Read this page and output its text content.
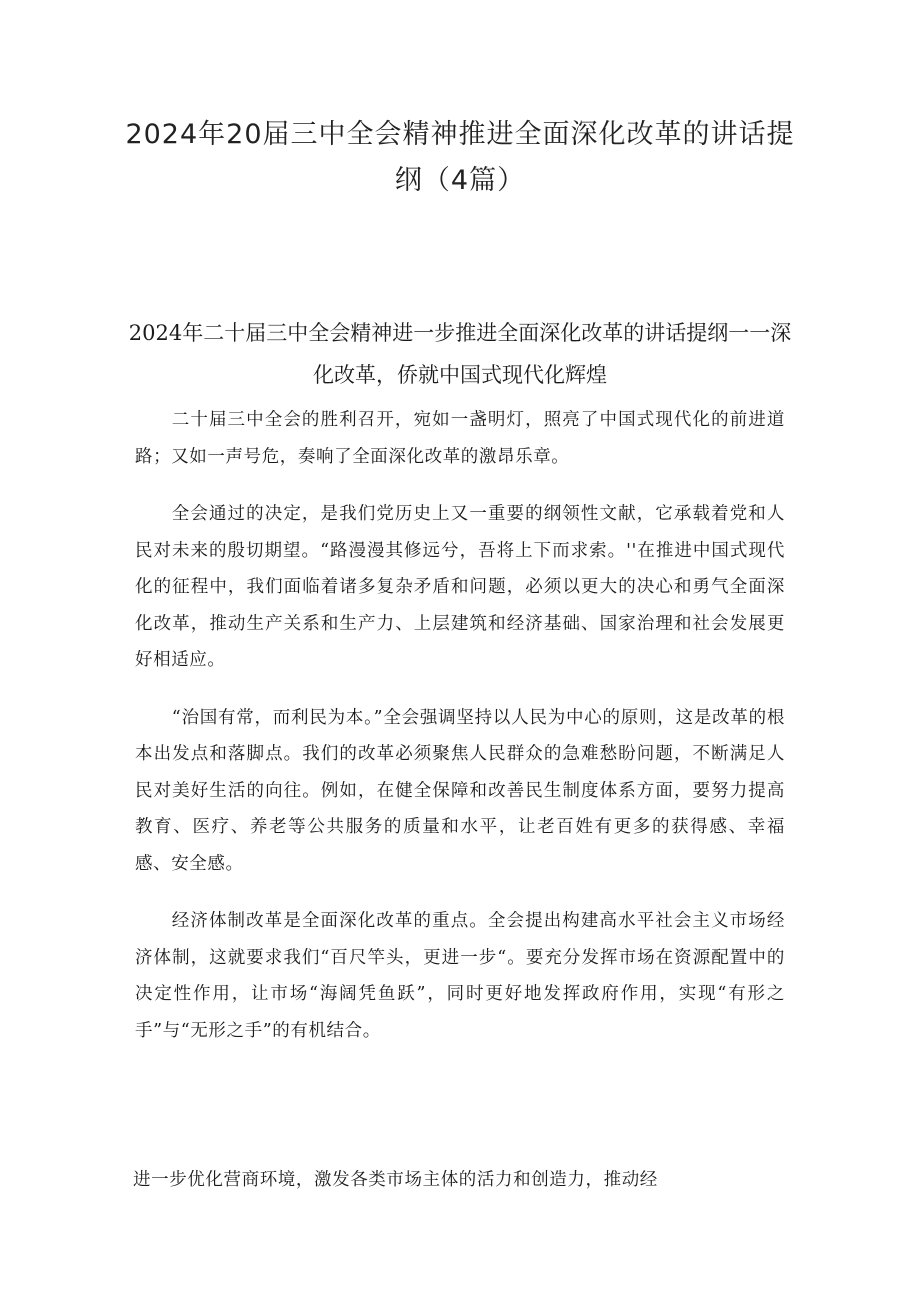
2024年20届三中全会精神推进全面深化改革的讲话提纲（4篇）
2024年二十届三中全会精神进一步推进全面深化改革的讲话提纲一一深化改革，侨就中国式现代化辉煌

二十届三中全会的胜利召开，宛如一盏明灯，照亮了中国式现代化的前进道路；又如一声号危，奏响了全面深化改革的激昂乐章。

全会通过的决定，是我们党历史上又一重要的纲领性文献，它承载着党和人民对未来的殷切期望。“路漫漫其修远兮，吾将上下而求索。''在推进中国式现代化的征程中，我们面临着诸多复杂矛盾和问题，必须以更大的决心和勇气全面深化改革，推动生产关系和生产力、上层建筑和经济基础、国家治理和社会发展更好相适应。

“治国有常，而利民为本。”全会强调坚持以人民为中心的原则，这是改革的根本出发点和落脚点。我们的改革必须聚焦人民群众的急难愁盼问题，不断满足人民对美好生活的向往。例如，在健全保障和改善民生制度体系方面，要努力提高教育、医疗、养老等公共服务的质量和水平，让老百姓有更多的获得感、幸福感、安全感。

经济体制改革是全面深化改革的重点。全会提出构建高水平社会主义市场经济体制，这就要求我们“百尺竿头，更进一步“。要充分发挥市场在资源配置中的决定性作用，让市场“海阔凭鱼跃”，同时更好地发挥政府作用，实现“有形之手”与“无形之手”的有机结合。

进一步优化营商环境，激发各类市场主体的活力和创造力，推动经
